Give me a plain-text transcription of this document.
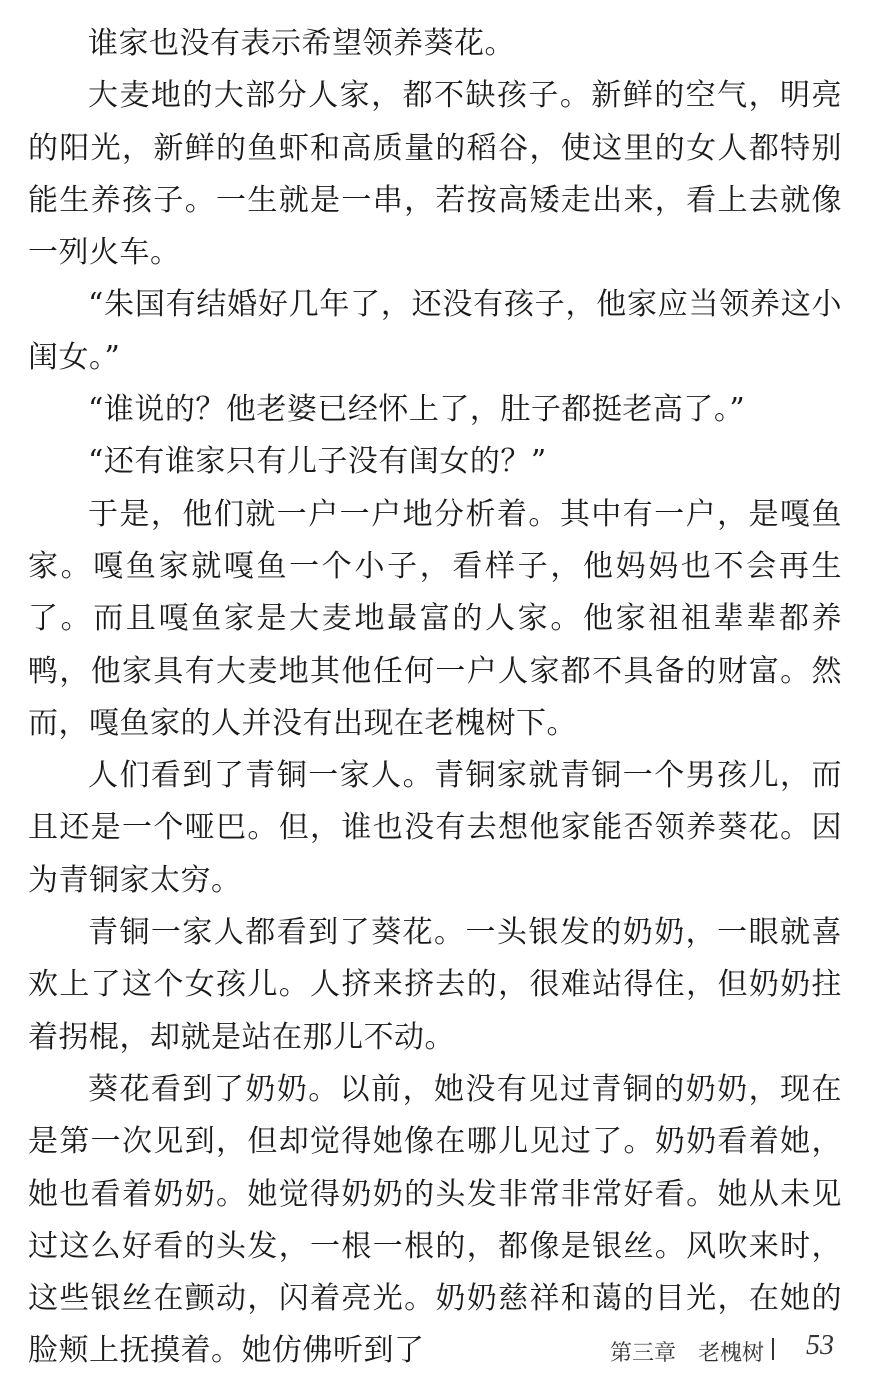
谁家也没有表示希望领养葵花。

大麦地的大部分人家，都不缺孩子。新鲜的空气，明亮的阳光，新鲜的鱼虾和高质量的稻谷，使这里的女人都特别能生养孩子。一生就是一串，若按高矮走出来，看上去就像一列火车。

“朱国有结婚好几年了，还没有孩子，他家应当领养这小闺女。”

“谁说的？他老婆已经怀上了，肚子都挺老高了。”

“还有谁家只有儿子没有闺女的？”

于是，他们就一户一户地分析着。其中有一户，是嘎鱼家。嘎鱼家就嘎鱼一个小子，看样子，他妈妈也不会再生了。而且嘎鱼家是大麦地最富的人家。他家祖祖辈辈都养鸭，他家具有大麦地其他任何一户人家都不具备的财富。然而，嘎鱼家的人并没有出现在老槐树下。

人们看到了青铜一家人。青铜家就青铜一个男孩儿，而且还是一个哑巴。但，谁也没有去想他家能否领养葵花。因为青铜家太穷。

青铜一家人都看到了葵花。一头银发的奶奶，一眼就喜欢上了这个女孩儿。人挤来挤去的，很难站得住，但奶奶拄着拐棍，却就是站在那儿不动。

葵花看到了奶奶。以前，她没有见过青铜的奶奶，现在是第一次见到，但却觉得她像在哪儿见过了。奶奶看着她，她也看着奶奶。她觉得奶奶的头发非常非常好看。她从未见过这么好看的头发，一根一根的，都像是银丝。风吹来时，这些银丝在颤动，闪着亮光。奶奶慈祥和蔼的目光，在她的脸颊上抚摸着。她仿佛听到了	第三章　老槐树 53
